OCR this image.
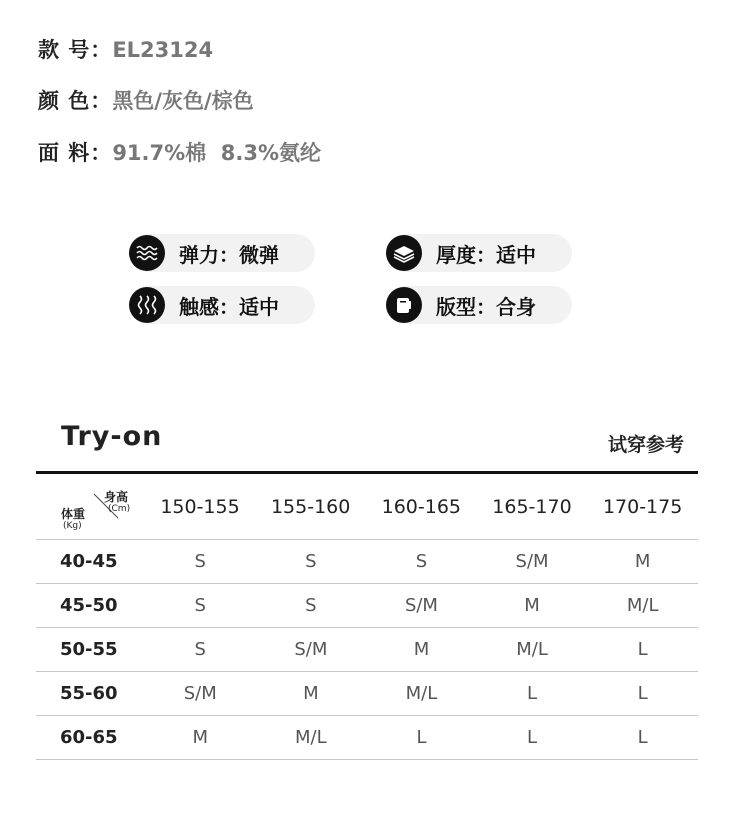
款 号：EL23124
颜 色：黑色/灰色/棕色
面 料：91.7%棉  8.3%氨纶
弹力：微弹	厚度：适中
触感：适中	版型：合身
Try-on	试穿参考
身高
(Cm)
体重
(Kg)
150-155	155-160	160-165	165-170	170-175
40-45	S	S	S	S/M	M
45-50	S	S	S/M	M	M/L
50-55	S	S/M	M	M/L	L
55-60	S/M	M	M/L	L	L
60-65	M	M/L	L	L	L
